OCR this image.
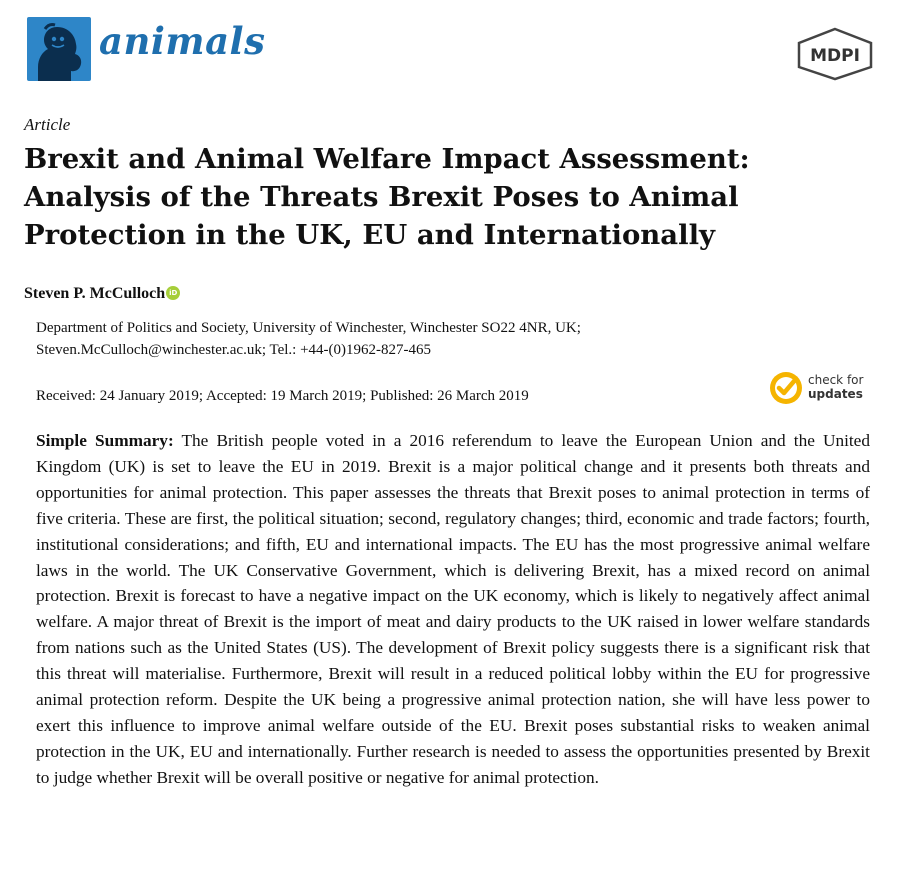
animals	MDPI
Article
Brexit and Animal Welfare Impact Assessment: Analysis of the Threats Brexit Poses to Animal Protection in the UK, EU and Internationally
Steven P. McCulloch iD
Department of Politics and Society, University of Winchester, Winchester SO22 4NR, UK;
Steven.McCulloch@winchester.ac.uk; Tel.: +44-(0)1962-827-465
Received: 24 January 2019; Accepted: 19 March 2019; Published: 26 March 2019
check for
updates

Simple Summary: The British people voted in a 2016 referendum to leave the European Union and the United Kingdom (UK) is set to leave the EU in 2019. Brexit is a major political change and it presents both threats and opportunities for animal protection. This paper assesses the threats that Brexit poses to animal protection in terms of five criteria. These are first, the political situation; second, regulatory changes; third, economic and trade factors; fourth, institutional considerations; and fifth, EU and international impacts. The EU has the most progressive animal welfare laws in the world. The UK Conservative Government, which is delivering Brexit, has a mixed record on animal protection. Brexit is forecast to have a negative impact on the UK economy, which is likely to negatively affect animal welfare. A major threat of Brexit is the import of meat and dairy products to the UK raised in lower welfare standards from nations such as the United States (US). The development of Brexit policy suggests there is a significant risk that this threat will materialise. Furthermore, Brexit will result in a reduced political lobby within the EU for progressive animal protection reform. Despite the UK being a progressive animal protection nation, she will have less power to exert this influence to improve animal welfare outside of the EU. Brexit poses substantial risks to weaken animal protection in the UK, EU and internationally. Further research is needed to assess the opportunities presented by Brexit to judge whether Brexit will be overall positive or negative for animal protection.
